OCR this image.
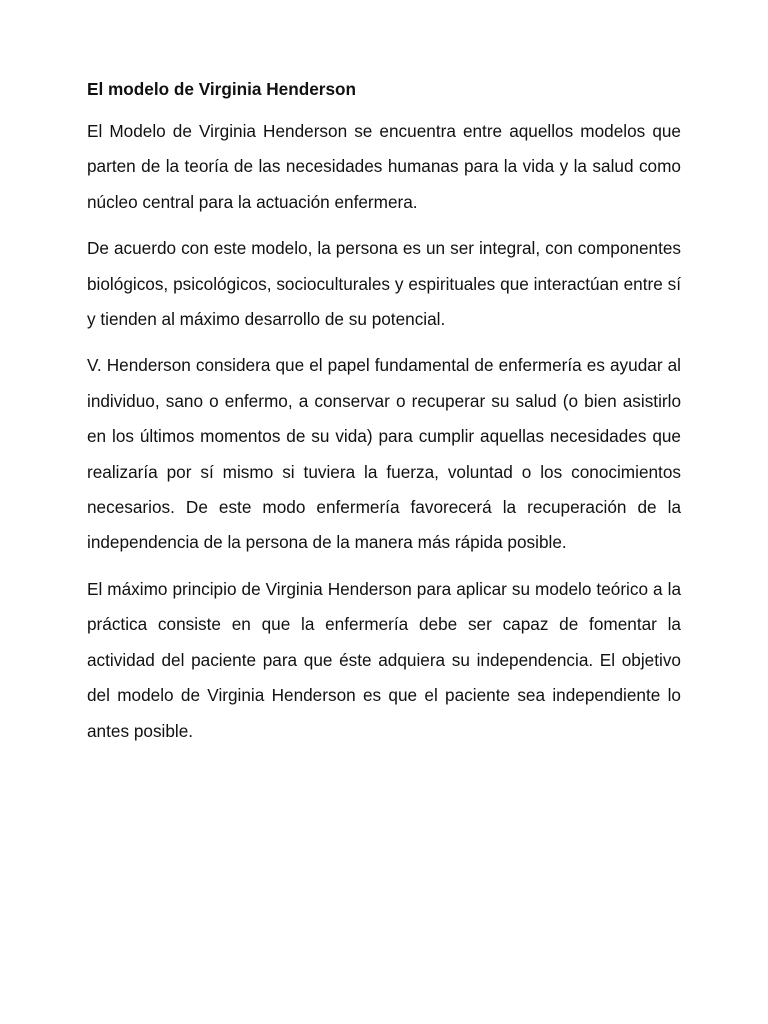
El modelo de Virginia Henderson

El Modelo de Virginia Henderson se encuentra entre aquellos modelos que parten de la teoría de las necesidades humanas para la vida y la salud como núcleo central para la actuación enfermera.

De acuerdo con este modelo, la persona es un ser integral, con componentes biológicos, psicológicos, socioculturales y espirituales que interactúan entre sí y tienden al máximo desarrollo de su potencial.

V. Henderson considera que el papel fundamental de enfermería es ayudar al individuo, sano o enfermo, a conservar o recuperar su salud (o bien asistirlo en los últimos momentos de su vida) para cumplir aquellas necesidades que realizaría por sí mismo si tuviera la fuerza, voluntad o los conocimientos necesarios. De este modo enfermería favorecerá la recuperación de la independencia de la persona de la manera más rápida posible.

El máximo principio de Virginia Henderson para aplicar su modelo teórico a la práctica consiste en que la enfermería debe ser capaz de fomentar la actividad del paciente para que éste adquiera su independencia. El objetivo del modelo de Virginia Henderson es que el paciente sea independiente lo antes posible.
